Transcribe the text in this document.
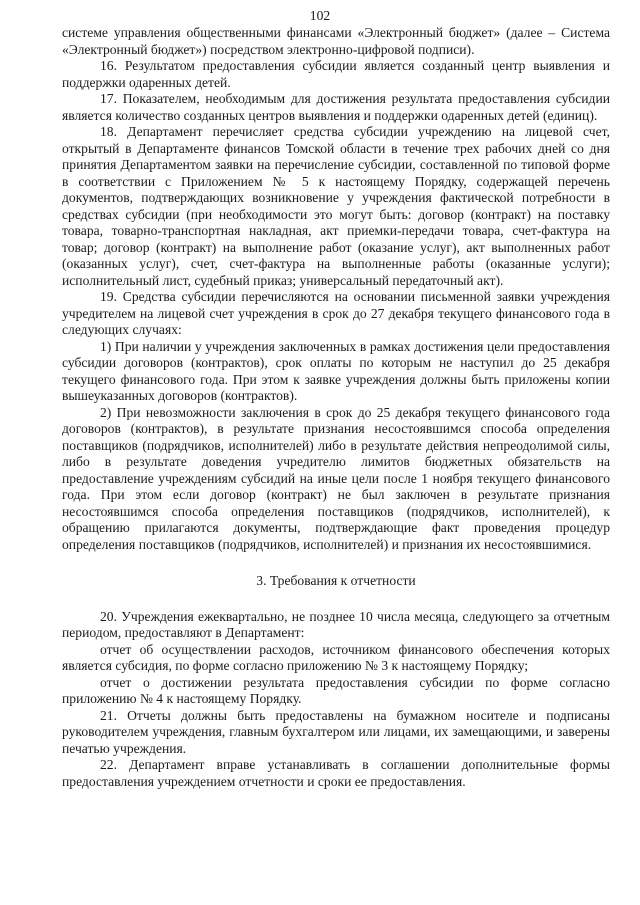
102

системе управления общественными финансами «Электронный бюджет» (далее – Система «Электронный бюджет») посредством электронно-цифровой подписи).

16. Результатом предоставления субсидии является созданный центр выявления и поддержки одаренных детей.

17. Показателем, необходимым для достижения результата предоставления субсидии является количество созданных центров выявления и поддержки одаренных детей (единиц).

18. Департамент перечисляет средства субсидии учреждению на лицевой счет, открытый в Департаменте финансов Томской области в течение трех рабочих дней со дня принятия Департаментом заявки на перечисление субсидии, составленной по типовой форме в соответствии с Приложением № 5 к настоящему Порядку, содержащей перечень документов, подтверждающих возникновение у учреждения фактической потребности в средствах субсидии (при необходимости это могут быть: договор (контракт) на поставку товара, товарно-транспортная накладная, акт приемки-передачи товара, счет-фактура на товар; договор (контракт) на выполнение работ (оказание услуг), акт выполненных работ (оказанных услуг), счет, счет-фактура на выполненные работы (оказанные услуги); исполнительный лист, судебный приказ; универсальный передаточный акт).

19. Средства субсидии перечисляются на основании письменной заявки учреждения учредителем на лицевой счет учреждения в срок до 27 декабря текущего финансового года в следующих случаях:

1) При наличии у учреждения заключенных в рамках достижения цели предоставления субсидии договоров (контрактов), срок оплаты по которым не наступил до 25 декабря текущего финансового года. При этом к заявке учреждения должны быть приложены копии вышеуказанных договоров (контрактов).

2) При невозможности заключения в срок до 25 декабря текущего финансового года договоров (контрактов), в результате признания несостоявшимся способа определения поставщиков (подрядчиков, исполнителей) либо в результате действия непреодолимой силы, либо в результате доведения учредителю лимитов бюджетных обязательств на предоставление учреждениям субсидий на иные цели после 1 ноября текущего финансового года. При этом если договор (контракт) не был заключен в результате признания несостоявшимся способа определения поставщиков (подрядчиков, исполнителей), к обращению прилагаются документы, подтверждающие факт проведения процедур определения поставщиков (подрядчиков, исполнителей) и признания их несостоявшимися.

3. Требования к отчетности

20. Учреждения ежеквартально, не позднее 10 числа месяца, следующего за отчетным периодом, предоставляют в Департамент:

отчет об осуществлении расходов, источником финансового обеспечения которых является субсидия, по форме согласно приложению № 3 к настоящему Порядку;

отчет о достижении результата предоставления субсидии по форме согласно приложению № 4 к настоящему Порядку.

21. Отчеты должны быть предоставлены на бумажном носителе и подписаны руководителем учреждения, главным бухгалтером или лицами, их замещающими, и заверены печатью учреждения.

22. Департамент вправе устанавливать в соглашении дополнительные формы предоставления учреждением отчетности и сроки ее предоставления.
